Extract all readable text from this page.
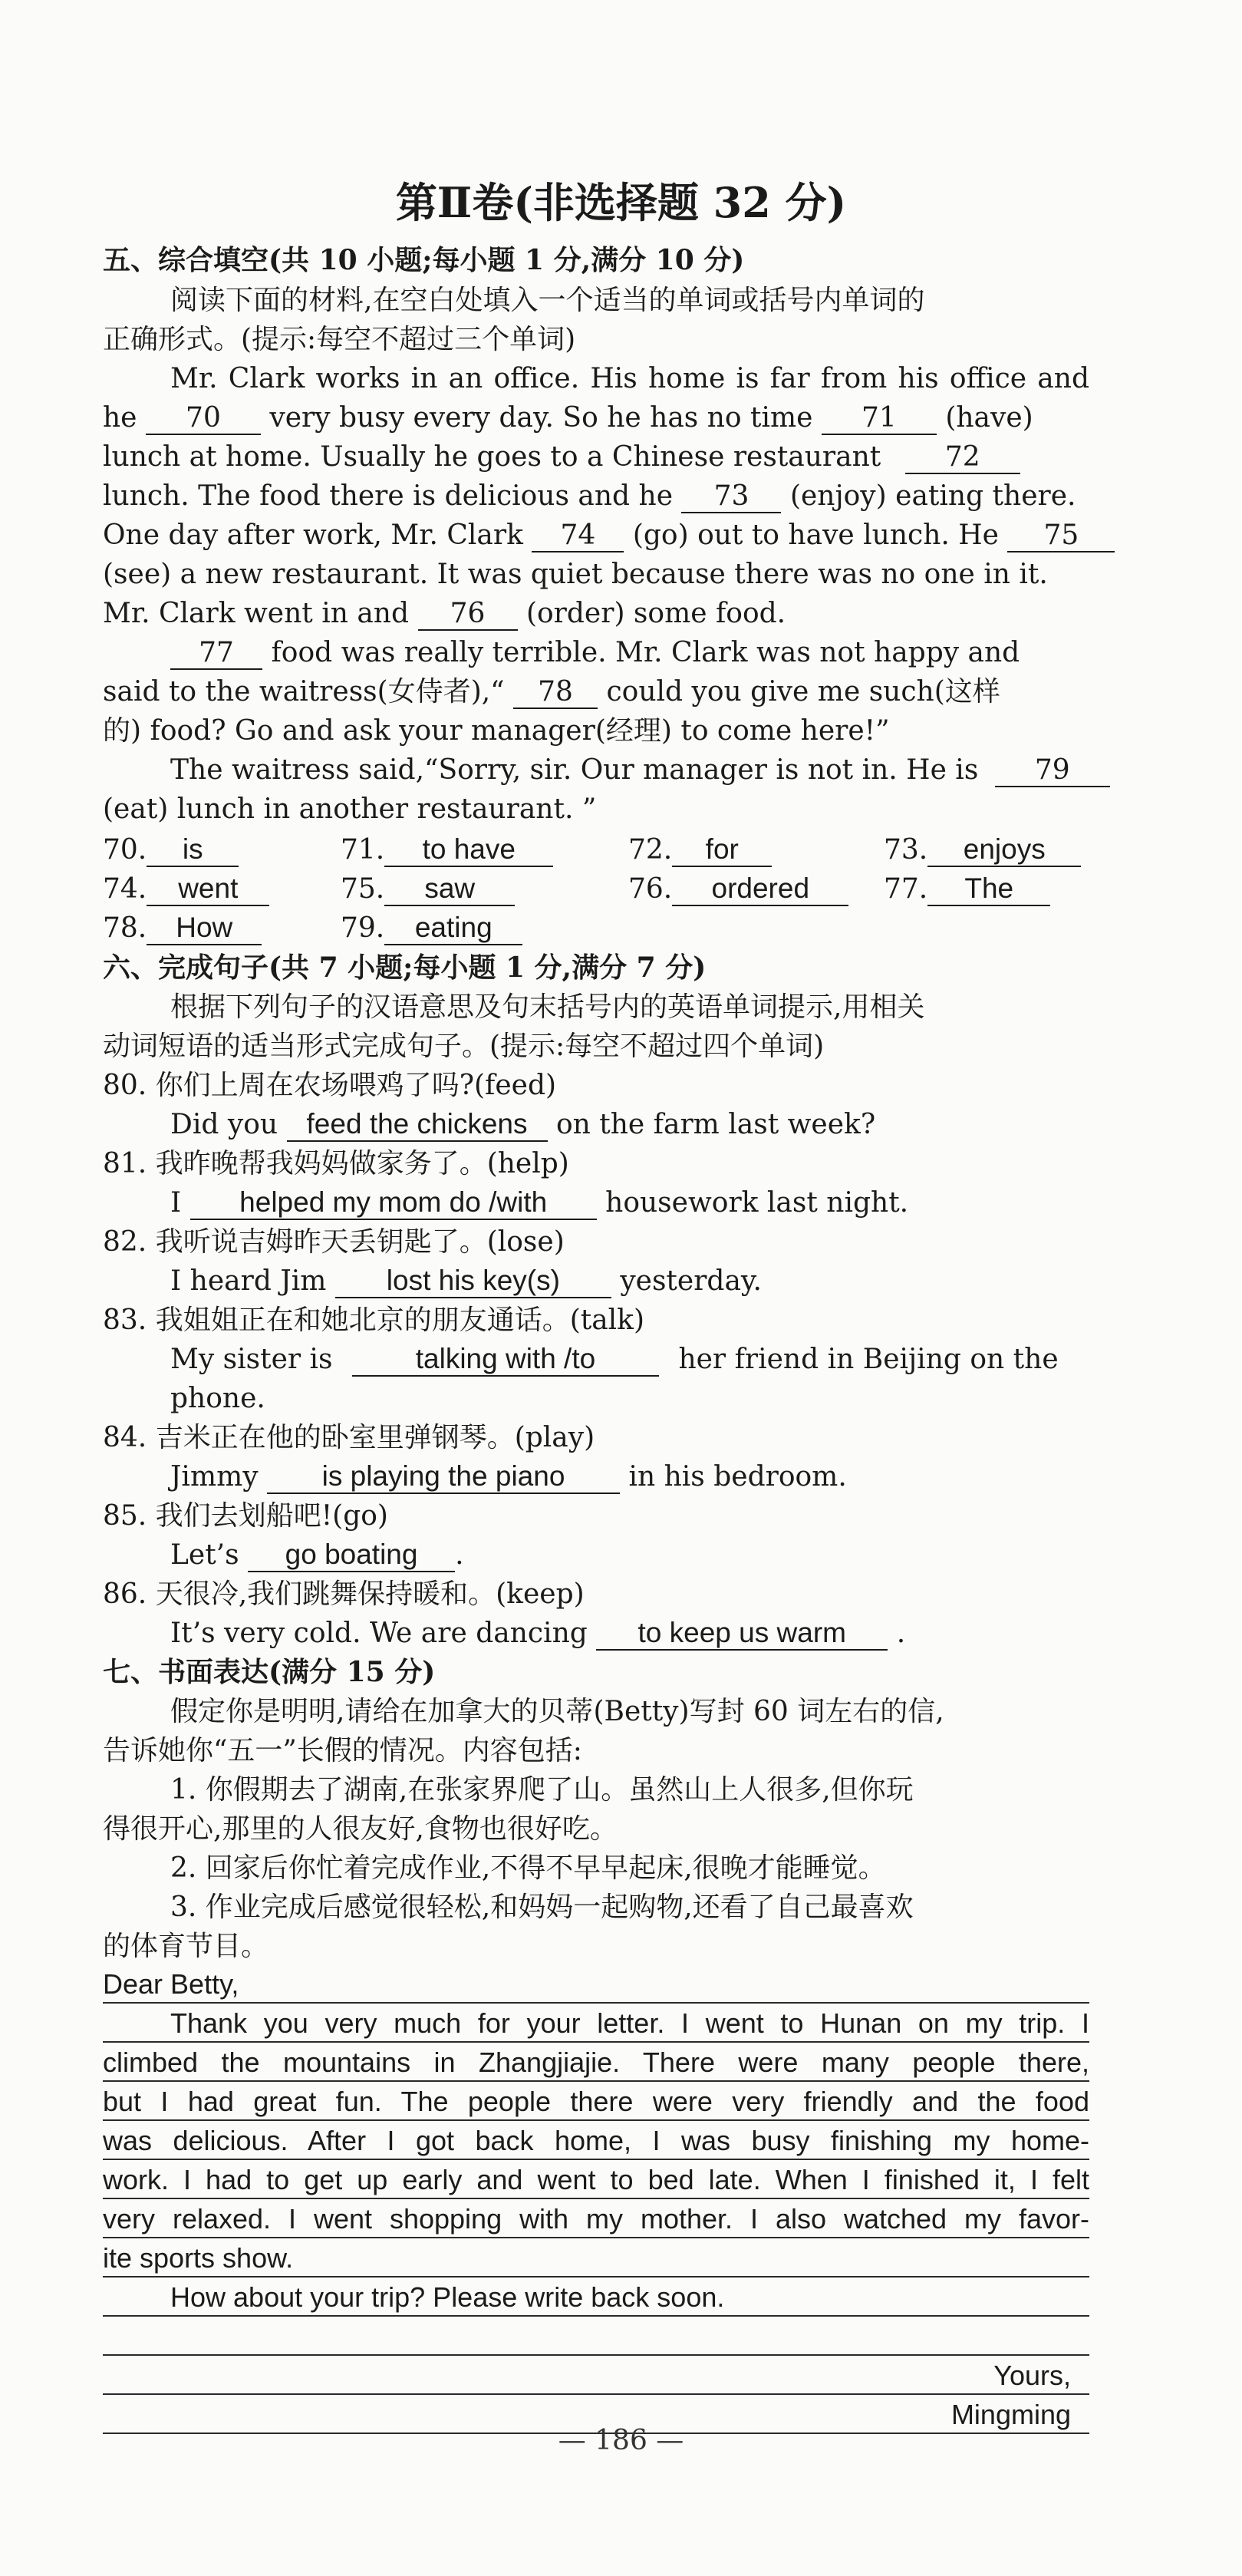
第Ⅱ卷(非选择题 32 分)
五、综合填空(共 10 小题;每小题 1 分,满分 10 分)
阅读下面的材料,在空白处填入一个适当的单词或括号内单词的
正确形式。(提示:每空不超过三个单词)
Mr. Clark works in an office. His home is far from his office and
he 70 very busy every day. So he has no time 71 (have)
lunch at home. Usually he goes to a Chinese restaurant 72
lunch. The food there is delicious and he 73 (enjoy) eating there.
One day after work, Mr. Clark 74 (go) out to have lunch. He 75
(see) a new restaurant. It was quiet because there was no one in it.
Mr. Clark went in and 76 (order) some food.
77 food was really terrible. Mr. Clark was not happy and
said to the waitress(女侍者),“ 78 could you give me such(这样
的) food? Go and ask your manager(经理) to come here!”
The waitress said,“Sorry, sir. Our manager is not in. He is 79
(eat) lunch in another restaurant. ”
70. is	71. to have	72. for	73. enjoys
74. went	75. saw	76. ordered	77. The
78. How	79. eating
六、完成句子(共 7 小题;每小题 1 分,满分 7 分)
根据下列句子的汉语意思及句末括号内的英语单词提示,用相关
动词短语的适当形式完成句子。(提示:每空不超过四个单词)
80. 你们上周在农场喂鸡了吗?(feed)
Did you feed the chickens on the farm last week?
81. 我昨晚帮我妈妈做家务了。(help)
I helped my mom do /with housework last night.
82. 我听说吉姆昨天丢钥匙了。(lose)
I heard Jim lost his key(s) yesterday.
83. 我姐姐正在和她北京的朋友通话。(talk)
My sister is	talking with /to	her friend in Beijing on the
phone.
84. 吉米正在他的卧室里弹钢琴。(play)
Jimmy is playing the piano in his bedroom.
85. 我们去划船吧!(go)
Let’s go boating .
86. 天很冷,我们跳舞保持暖和。(keep)
It’s very cold. We are dancing to keep us warm .
七、书面表达(满分 15 分)
假定你是明明,请给在加拿大的贝蒂(Betty)写封 60 词左右的信,
告诉她你“五一”长假的情况。内容包括:
1. 你假期去了湖南,在张家界爬了山。虽然山上人很多,但你玩
得很开心,那里的人很友好,食物也很好吃。
2. 回家后你忙着完成作业,不得不早早起床,很晚才能睡觉。
3. 作业完成后感觉很轻松,和妈妈一起购物,还看了自己最喜欢
的体育节目。
Dear Betty,
Thank you very much for your letter. I went to Hunan on my trip. I
climbed the mountains in Zhangjiajie. There were many people there,
but I had great fun. The people there were very friendly and the food
was delicious. After I got back home, I was busy finishing my home-
work. I had to get up early and went to bed late. When I finished it, I felt
very relaxed. I went shopping with my mother. I also watched my favor-
ite sports show.
How about your trip? Please write back soon.
Yours,
Mingming
— 186 —
